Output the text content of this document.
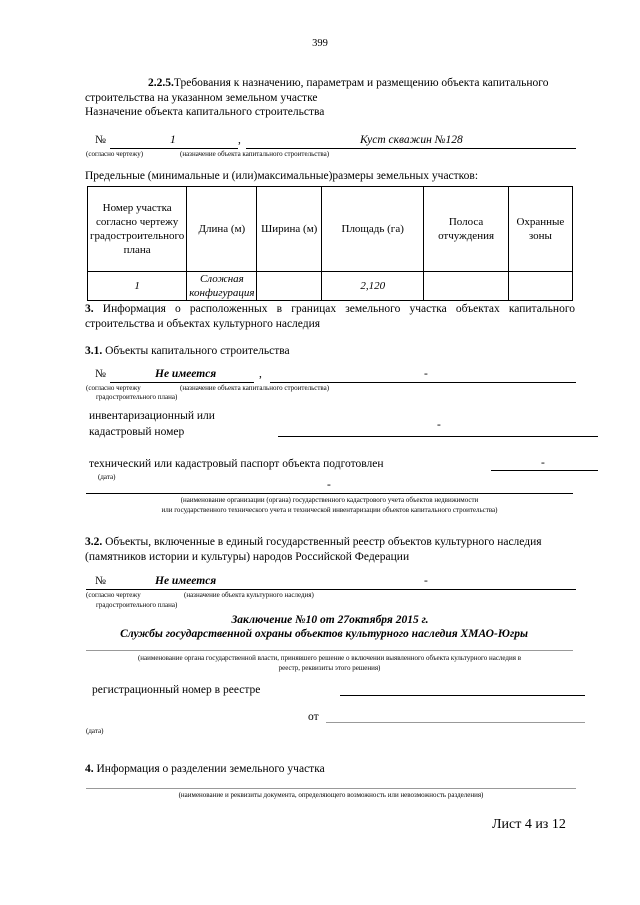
399
2.2.5.Требования к назначению, параметрам и размещению объекта капитального
строительства на указанном земельном участке
Назначение объекта капитального строительства
№	1	,	Куст скважин №128
(согласно чертежу)	(назначение объекта капитального строительства)
Предельные (минимальные и (или)максимальные)размеры земельных участков:
Номер участка согласно чертежу градостроительного плана	Длина (м)	Ширина (м)	Площадь (га)	Полоса отчуждения	Охранные зоны
1	Сложная конфигурация		2,120		
3. Информация о расположенных в границах земельного участка объектах капитального
строительства и объектах культурного наследия
3.1. Объекты капитального строительства
№	Не имеется	,	-
(согласно чертежу	(назначение объекта капитального строительства)
градостроительного плана)
инвентаризационный или
кадастровый номер
-
технический или кадастровый паспорт объекта подготовлен	-
(дата)
-
(наименование организации (органа) государственного кадастрового учета объектов недвижимости
или государственного технического учета и технической инвентаризации объектов капитального строительства)
3.2. Объекты, включенные в единый государственный реестр объектов культурного наследия
(памятников истории и культуры) народов Российской Федерации
№	Не имеется	-
(согласно чертежу	(назначение объекта культурного наследия)
градостроительного плана)
Заключение №10 от 27октября 2015 г.
Службы государственной охраны объектов культурного наследия ХМАО-Югры
(наименование органа государственной власти, принявшего решение о включении выявленного объекта культурного наследия в
реестр, реквизиты этого решения)
регистрационный номер в реестре
от
(дата)
4. Информация о разделении земельного участка
(наименование и реквизиты документа, определяющего возможность или невозможность разделения)
Лист 4 из 12
